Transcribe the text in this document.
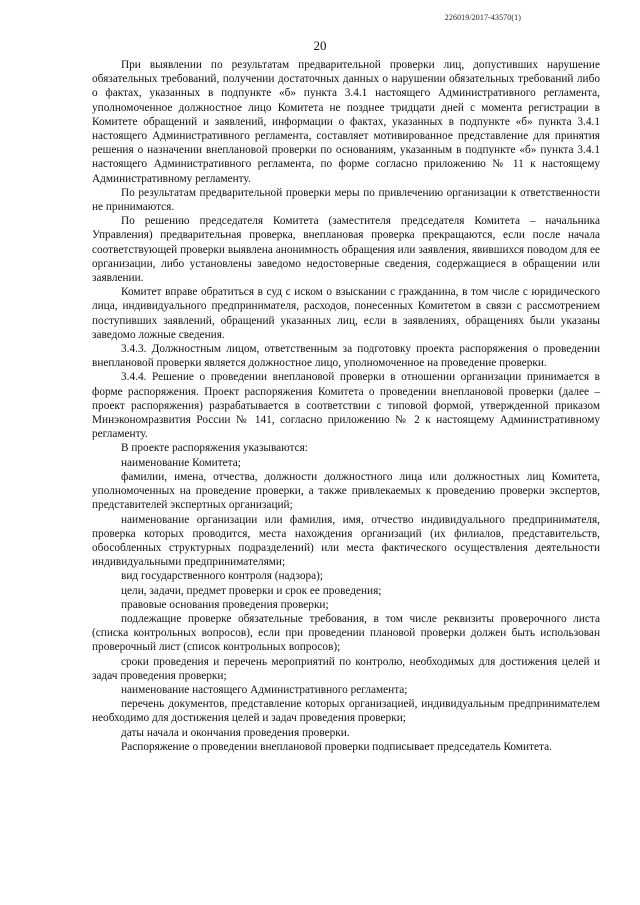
226019/2017-43570(1)
20

При выявлении по результатам предварительной проверки лиц, допустивших нарушение обязательных требований, получении достаточных данных о нарушении обязательных требований либо о фактах, указанных в подпункте «б» пункта 3.4.1 настоящего Административного регламента, уполномоченное должностное лицо Комитета не позднее тридцати дней с момента регистрации в Комитете обращений и заявлений, информации о фактах, указанных в подпункте «б» пункта 3.4.1 настоящего Административного регламента, составляет мотивированное представление для принятия решения о назначении внеплановой проверки по основаниям, указанным в подпункте «б» пункта 3.4.1 настоящего Административного регламента, по форме согласно приложению № 11 к настоящему Административному регламенту.

По результатам предварительной проверки меры по привлечению организации к ответственности не принимаются.

По решению председателя Комитета (заместителя председателя Комитета – начальника Управления) предварительная проверка, внеплановая проверка прекращаются, если после начала соответствующей проверки выявлена анонимность обращения или заявления, явившихся поводом для ее организации, либо установлены заведомо недостоверные сведения, содержащиеся в обращении или заявлении.

Комитет вправе обратиться в суд с иском о взыскании с гражданина, в том числе с юридического лица, индивидуального предпринимателя, расходов, понесенных Комитетом в связи с рассмотрением поступивших заявлений, обращений указанных лиц, если в заявлениях, обращениях были указаны заведомо ложные сведения.

3.4.3. Должностным лицом, ответственным за подготовку проекта распоряжения о проведении внеплановой проверки является должностное лицо, уполномоченное на проведение проверки.

3.4.4. Решение о проведении внеплановой проверки в отношении организации принимается в форме распоряжения. Проект распоряжения Комитета о проведении внеплановой проверки (далее – проект распоряжения) разрабатывается в соответствии с типовой формой, утвержденной приказом Минэкономразвития России № 141, согласно приложению № 2 к настоящему Административному регламенту.

В проекте распоряжения указываются:

наименование Комитета;

фамилии, имена, отчества, должности должностного лица или должностных лиц Комитета, уполномоченных на проведение проверки, а также привлекаемых к проведению проверки экспертов, представителей экспертных организаций;

наименование организации или фамилия, имя, отчество индивидуального предпринимателя, проверка которых проводится, места нахождения организаций (их филиалов, представительств, обособленных структурных подразделений) или места фактического осуществления деятельности индивидуальными предпринимателями;

вид государственного контроля (надзора);

цели, задачи, предмет проверки и срок ее проведения;

правовые основания проведения проверки;

подлежащие проверке обязательные требования, в том числе реквизиты проверочного листа (списка контрольных вопросов), если при проведении плановой проверки должен быть использован проверочный лист (список контрольных вопросов);

сроки проведения и перечень мероприятий по контролю, необходимых для достижения целей и задач проведения проверки;

наименование настоящего Административного регламента;

перечень документов, представление которых организацией, индивидуальным предпринимателем необходимо для достижения целей и задач проведения проверки;

даты начала и окончания проведения проверки.

Распоряжение о проведении внеплановой проверки подписывает председатель Комитета.
